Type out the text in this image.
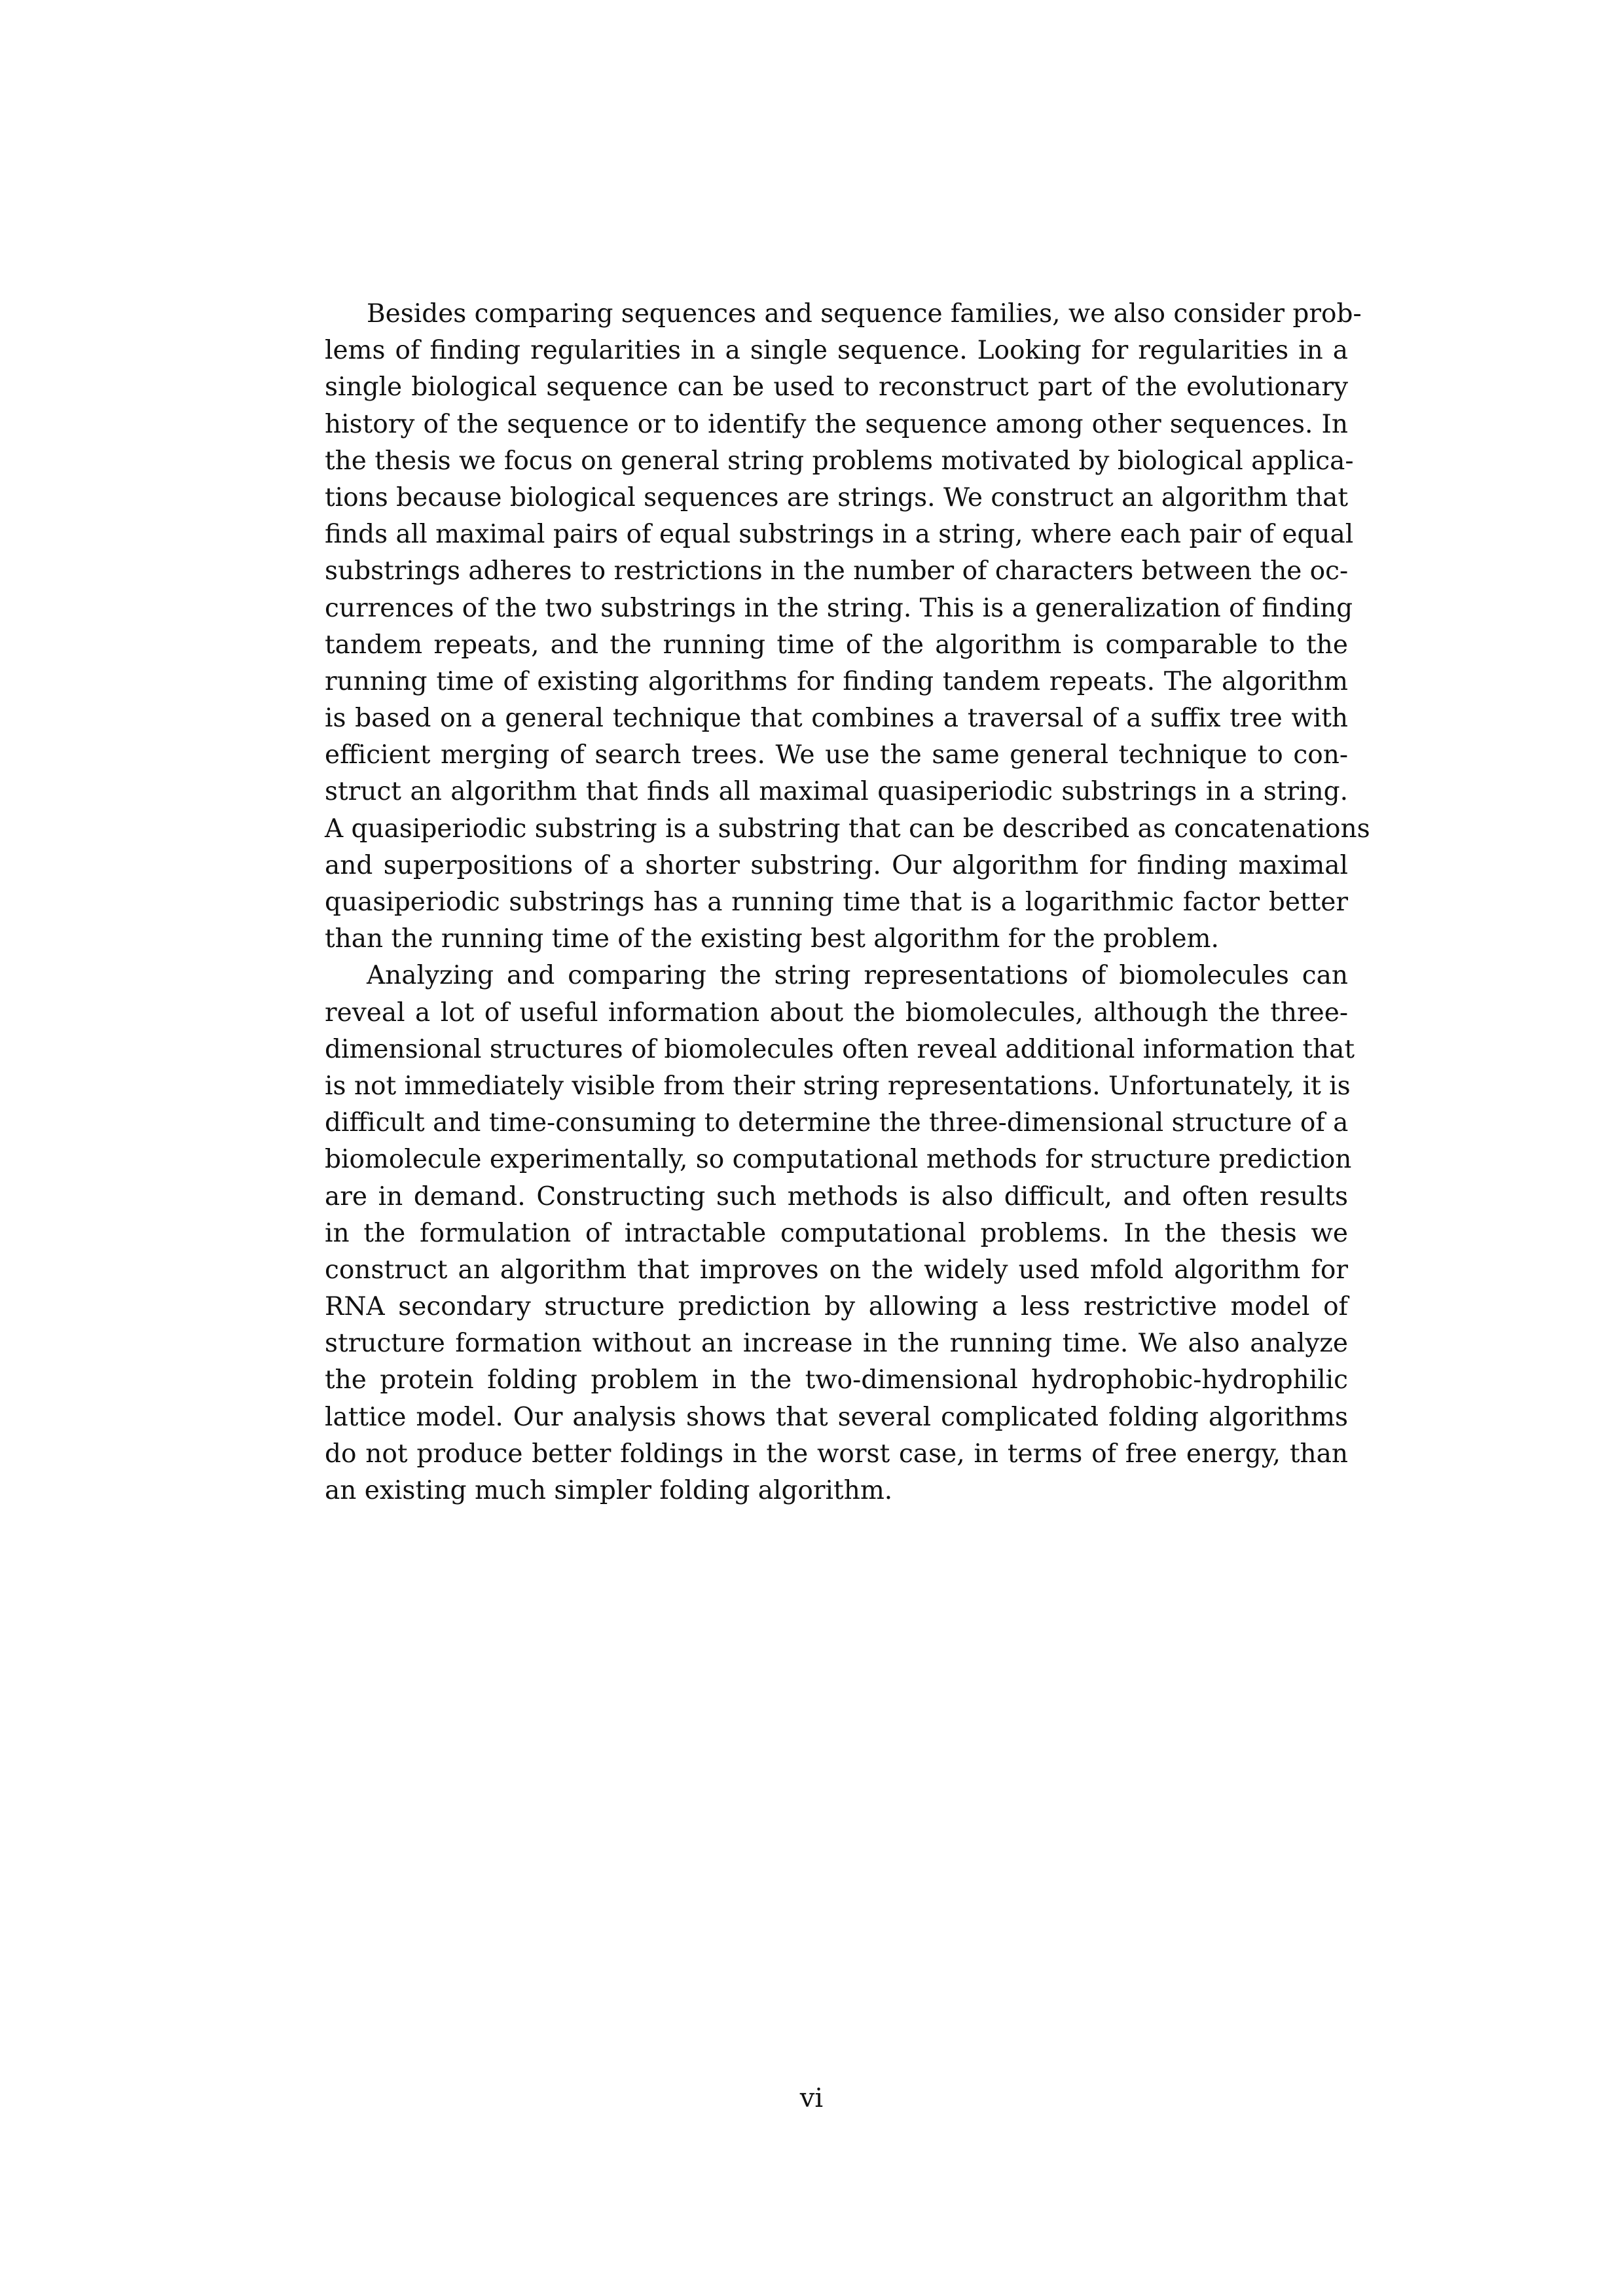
Besides comparing sequences and sequence families, we also consider prob-
lems of finding regularities in a single sequence. Looking for regularities in a
single biological sequence can be used to reconstruct part of the evolutionary
history of the sequence or to identify the sequence among other sequences. In
the thesis we focus on general string problems motivated by biological applica-
tions because biological sequences are strings. We construct an algorithm that
finds all maximal pairs of equal substrings in a string, where each pair of equal
substrings adheres to restrictions in the number of characters between the oc-
currences of the two substrings in the string. This is a generalization of finding
tandem repeats, and the running time of the algorithm is comparable to the
running time of existing algorithms for finding tandem repeats. The algorithm
is based on a general technique that combines a traversal of a suffix tree with
efficient merging of search trees. We use the same general technique to con-
struct an algorithm that finds all maximal quasiperiodic substrings in a string.
A quasiperiodic substring is a substring that can be described as concatenations
and superpositions of a shorter substring. Our algorithm for finding maximal
quasiperiodic substrings has a running time that is a logarithmic factor better
than the running time of the existing best algorithm for the problem.
Analyzing and comparing the string representations of biomolecules can
reveal a lot of useful information about the biomolecules, although the three-
dimensional structures of biomolecules often reveal additional information that
is not immediately visible from their string representations. Unfortunately, it is
difficult and time-consuming to determine the three-dimensional structure of a
biomolecule experimentally, so computational methods for structure prediction
are in demand. Constructing such methods is also difficult, and often results
in the formulation of intractable computational problems. In the thesis we
construct an algorithm that improves on the widely used mfold algorithm for
RNA secondary structure prediction by allowing a less restrictive model of
structure formation without an increase in the running time. We also analyze
the protein folding problem in the two-dimensional hydrophobic-hydrophilic
lattice model. Our analysis shows that several complicated folding algorithms
do not produce better foldings in the worst case, in terms of free energy, than
an existing much simpler folding algorithm.
vi
